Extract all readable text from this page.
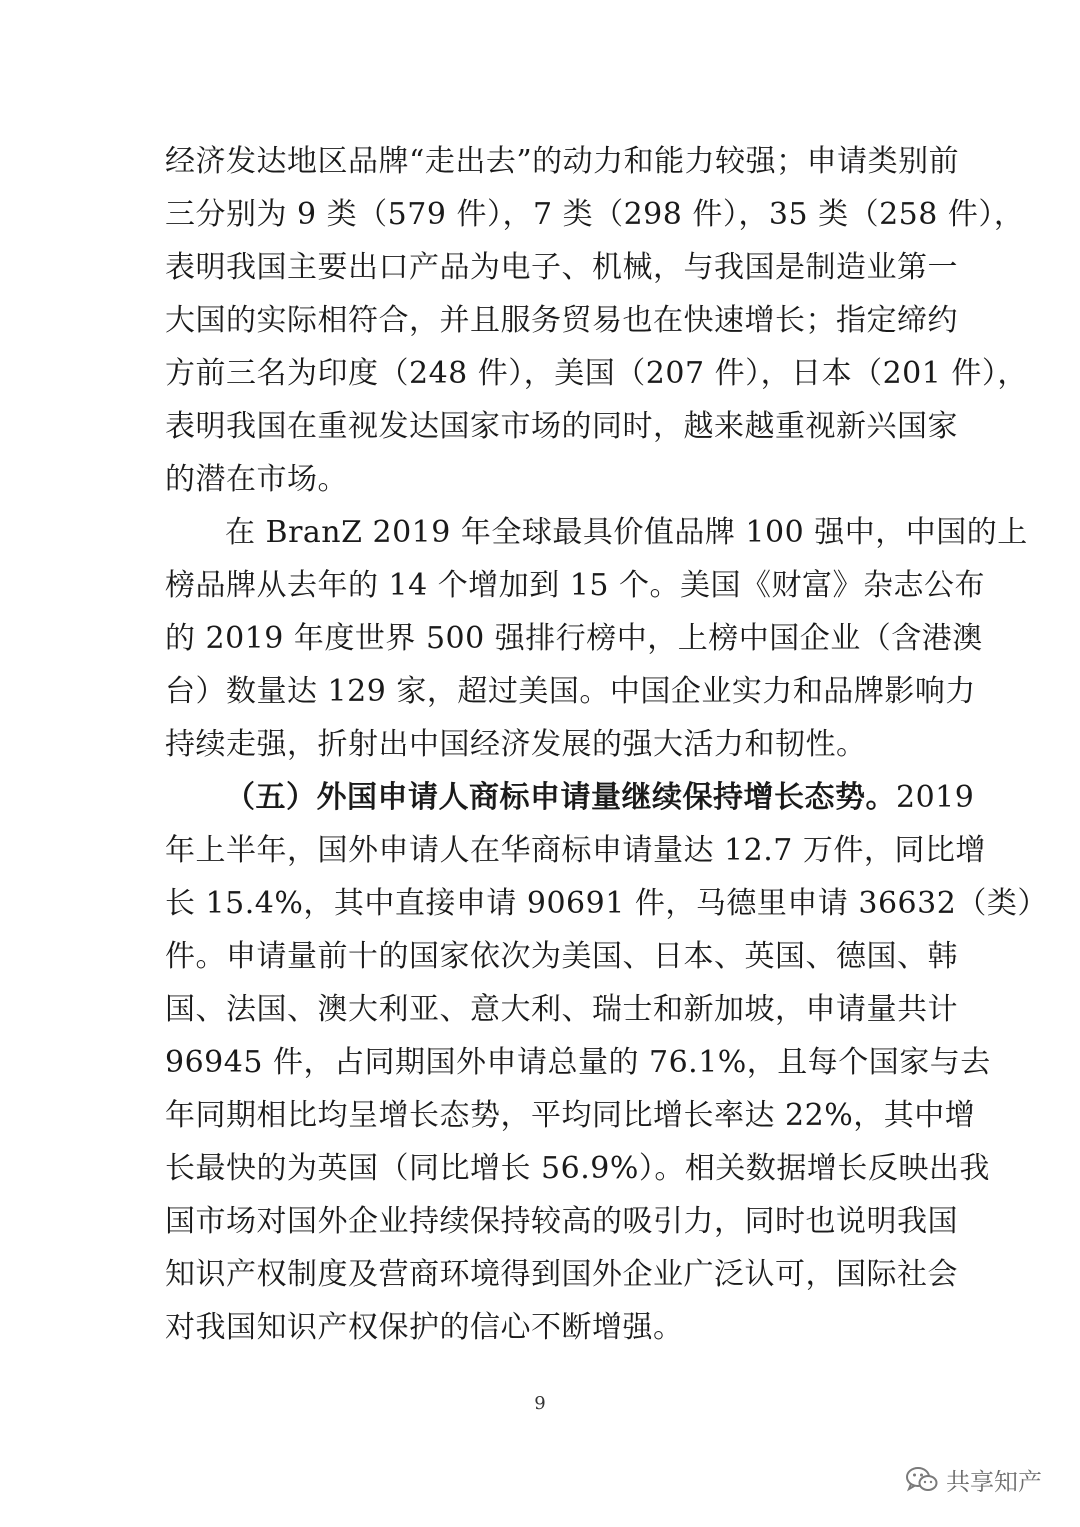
经济发达地区品牌“走出去”的动力和能力较强；申请类别前
三分别为 9 类（579 件），7 类（298 件），35 类（258 件），
表明我国主要出口产品为电子、机械，与我国是制造业第一
大国的实际相符合，并且服务贸易也在快速增长；指定缔约
方前三名为印度（248 件），美国（207 件），日本（201 件），
表明我国在重视发达国家市场的同时，越来越重视新兴国家
的潜在市场。
在 BranZ 2019 年全球最具价值品牌 100 强中，中国的上
榜品牌从去年的 14 个增加到 15 个。美国《财富》杂志公布
的 2019 年度世界 500 强排行榜中，上榜中国企业（含港澳
台）数量达 129 家，超过美国。中国企业实力和品牌影响力
持续走强，折射出中国经济发展的强大活力和韧性。
（五）外国申请人商标申请量继续保持增长态势。2019
年上半年，国外申请人在华商标申请量达 12.7 万件，同比增
长 15.4%，其中直接申请 90691 件，马德里申请 36632（类）
件。申请量前十的国家依次为美国、日本、英国、德国、韩
国、法国、澳大利亚、意大利、瑞士和新加坡，申请量共计
96945 件，占同期国外申请总量的 76.1%，且每个国家与去
年同期相比均呈增长态势，平均同比增长率达 22%，其中增
长最快的为英国（同比增长 56.9%）。相关数据增长反映出我
国市场对国外企业持续保持较高的吸引力，同时也说明我国
知识产权制度及营商环境得到国外企业广泛认可，国际社会
对我国知识产权保护的信心不断增强。
9
共享知产
